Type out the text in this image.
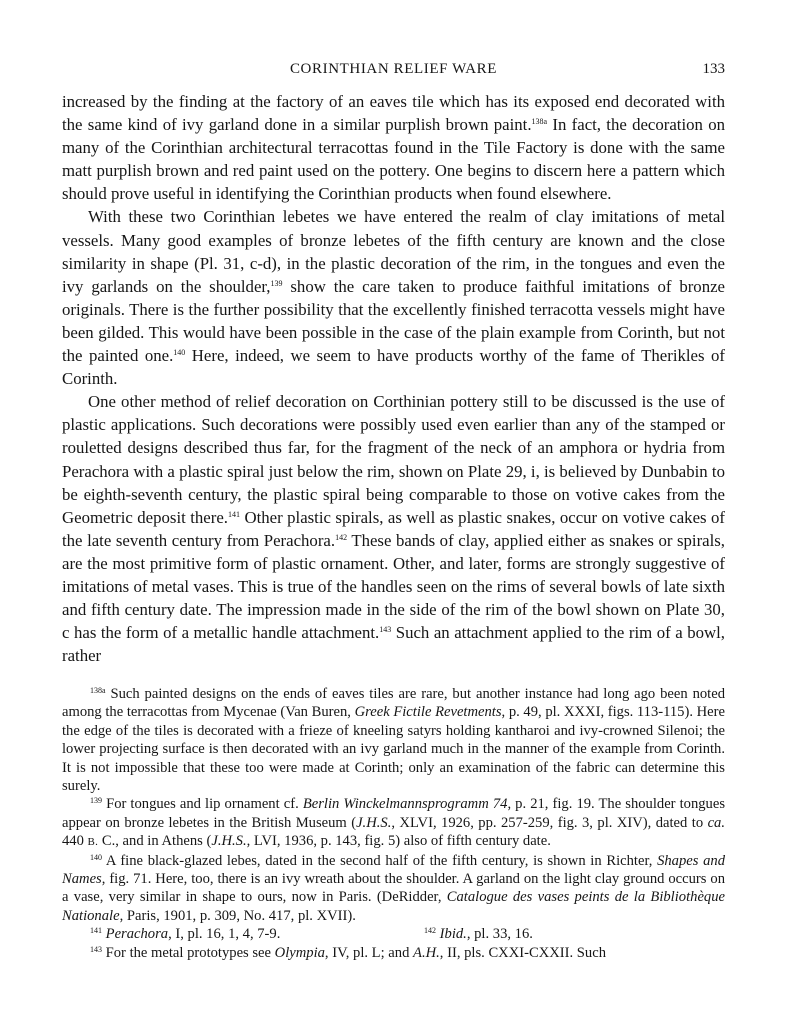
CORINTHIAN RELIEF WARE	133

increased by the finding at the factory of an eaves tile which has its exposed end decorated with the same kind of ivy garland done in a similar purplish brown paint.$^{138a}$ In fact, the decoration on many of the Corinthian architectural terracottas found in the Tile Factory is done with the same matt purplish brown and red paint used on the pottery. One begins to discern here a pattern which should prove useful in identifying the Corinthian products when found elsewhere.

With these two Corinthian lebetes we have entered the realm of clay imitations of metal vessels. Many good examples of bronze lebetes of the fifth century are known and the close similarity in shape (Pl. 31, c-d), in the plastic decoration of the rim, in the tongues and even the ivy garlands on the shoulder,$^{139}$ show the care taken to produce faithful imitations of bronze originals. There is the further possibility that the excellently finished terracotta vessels might have been gilded. This would have been possible in the case of the plain example from Corinth, but not the painted one.$^{140}$ Here, indeed, we seem to have products worthy of the fame of Therikles of Corinth.

One other method of relief decoration on Corthinian pottery still to be discussed is the use of plastic applications. Such decorations were possibly used even earlier than any of the stamped or rouletted designs described thus far, for the fragment of the neck of an amphora or hydria from Perachora with a plastic spiral just below the rim, shown on Plate 29, i, is believed by Dunbabin to be eighth-seventh century, the plastic spiral being comparable to those on votive cakes from the Geometric deposit there.$^{141}$ Other plastic spirals, as well as plastic snakes, occur on votive cakes of the late seventh century from Perachora.$^{142}$ These bands of clay, applied either as snakes or spirals, are the most primitive form of plastic ornament. Other, and later, forms are strongly suggestive of imitations of metal vases. This is true of the handles seen on the rims of several bowls of late sixth and fifth century date. The impression made in the side of the rim of the bowl shown on Plate 30, c has the form of a metallic handle attachment.$^{143}$ Such an attachment applied to the rim of a bowl, rather

$^{138a}$ Such painted designs on the ends of eaves tiles are rare, but another instance had long ago been noted among the terracottas from Mycenae (Van Buren, Greek Fictile Revetments, p. 49, pl. XXXI, figs. 113-115). Here the edge of the tiles is decorated with a frieze of kneeling satyrs holding kantharoi and ivy-crowned Silenoi; the lower projecting surface is then decorated with an ivy garland much in the manner of the example from Corinth. It is not impossible that these too were made at Corinth; only an examination of the fabric can determine this surely.

$^{139}$ For tongues and lip ornament cf. Berlin Winckelmannsprogramm 74, p. 21, fig. 19. The shoulder tongues appear on bronze lebetes in the British Museum (J.H.S., XLVI, 1926, pp. 257-259, fig. 3, pl. XIV), dated to ca. 440 B. C., and in Athens (J.H.S., LVI, 1936, p. 143, fig. 5) also of fifth century date.

$^{140}$ A fine black-glazed lebes, dated in the second half of the fifth century, is shown in Richter, Shapes and Names, fig. 71. Here, too, there is an ivy wreath about the shoulder. A garland on the light clay ground occurs on a vase, very similar in shape to ours, now in Paris. (DeRidder, Catalogue des vases peints de la Bibliothèque Nationale, Paris, 1901, p. 309, No. 417, pl. XVII).

$^{141}$ Perachora, I, pl. 16, 1, 4, 7-9.	$^{142}$ Ibid., pl. 33, 16.

$^{143}$ For the metal prototypes see Olympia, IV, pl. L; and A.H., II, pls. CXXI-CXXII. Such
